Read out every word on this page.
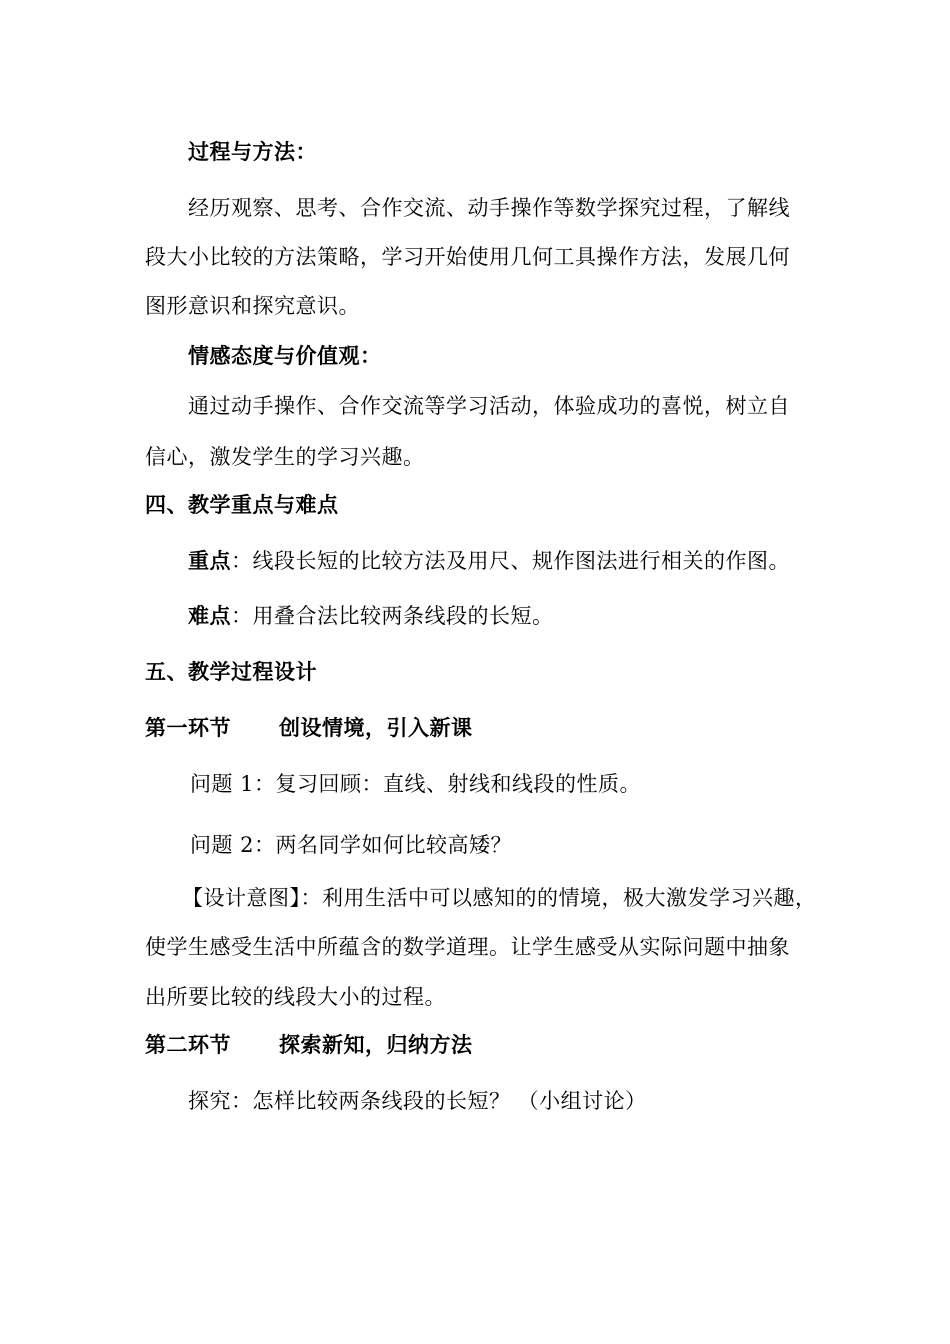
过程与方法：
经历观察、思考、合作交流、动手操作等数学探究过程，了解线
段大小比较的方法策略，学习开始使用几何工具操作方法，发展几何
图形意识和探究意识。
情感态度与价值观：
通过动手操作、合作交流等学习活动，体验成功的喜悦，树立自
信心，激发学生的学习兴趣。
四、教学重点与难点
重点：线段长短的比较方法及用尺、规作图法进行相关的作图。
难点：用叠合法比较两条线段的长短。
五、教学过程设计
第一环节 创设情境，引入新课
问题 1：复习回顾：直线、射线和线段的性质。
问题 2：两名同学如何比较高矮？
【设计意图】：利用生活中可以感知的的情境，极大激发学习兴趣，
使学生感受生活中所蕴含的数学道理。让学生感受从实际问题中抽象
出所要比较的线段大小的过程。
第二环节 探索新知，归纳方法
探究：怎样比较两条线段的长短？ （小组讨论）
